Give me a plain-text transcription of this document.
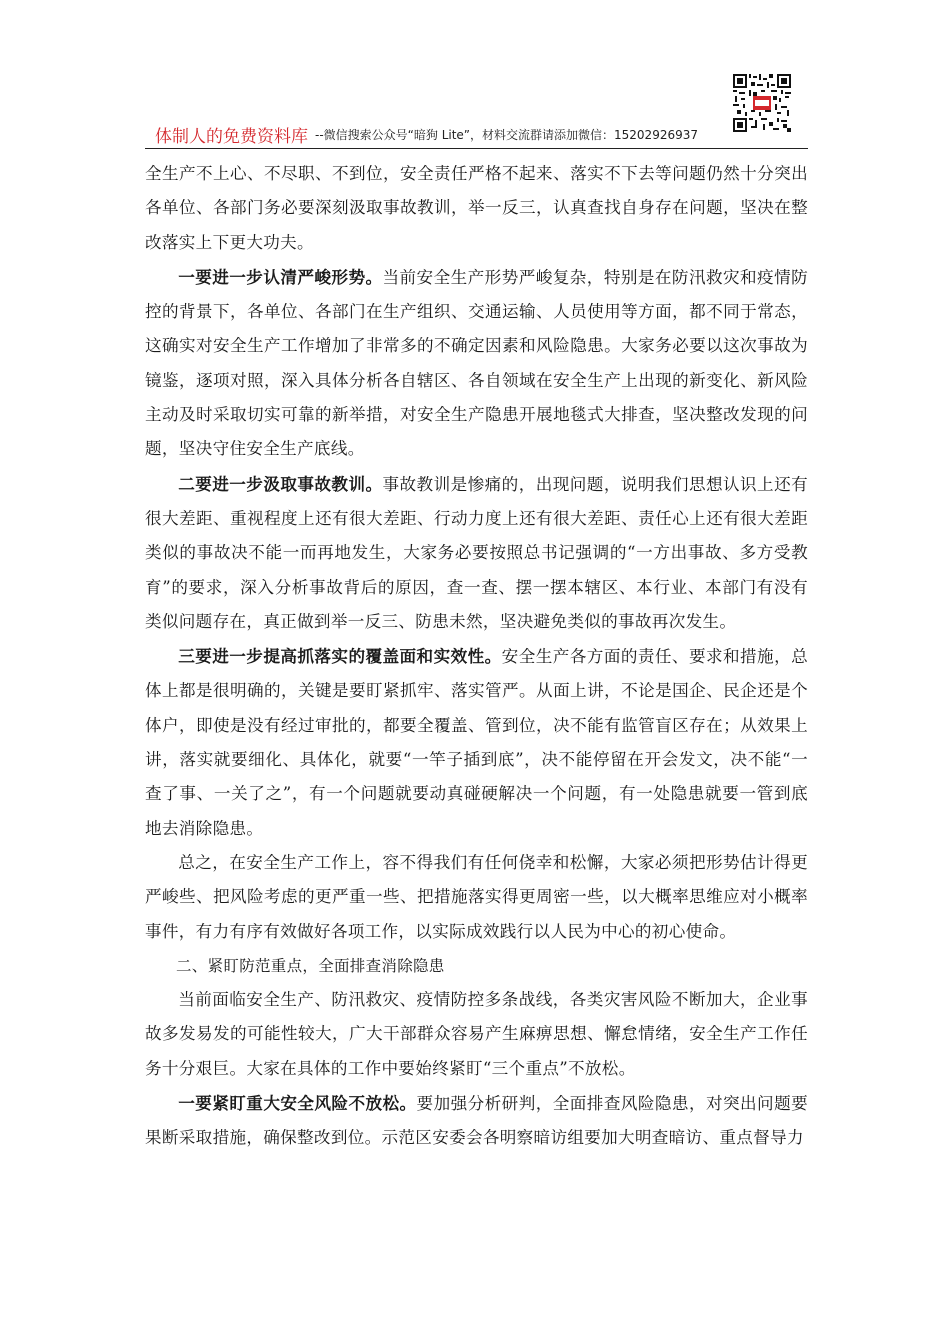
体制人的免费资料库 --微信搜索公众号“暗狗 Lite”，材料交流群请添加微信：15202926937

全生产不上心、不尽职、不到位，安全责任严格不起来、落实不下去等问题仍然十分突出各单位、各部门务必要深刻汲取事故教训，举一反三，认真查找自身存在问题，坚决在整改落实上下更大功夫。

一要进一步认清严峻形势。当前安全生产形势严峻复杂，特别是在防汛救灾和疫情防控的背景下，各单位、各部门在生产组织、交通运输、人员使用等方面，都不同于常态，这确实对安全生产工作增加了非常多的不确定因素和风险隐患。大家务必要以这次事故为镜鉴，逐项对照，深入具体分析各自辖区、各自领域在安全生产上出现的新变化、新风险主动及时采取切实可靠的新举措，对安全生产隐患开展地毯式大排查，坚决整改发现的问题，坚决守住安全生产底线。

二要进一步汲取事故教训。事故教训是惨痛的，出现问题，说明我们思想认识上还有很大差距、重视程度上还有很大差距、行动力度上还有很大差距、责任心上还有很大差距类似的事故决不能一而再地发生，大家务必要按照总书记强调的“一方出事故、多方受教育”的要求，深入分析事故背后的原因，查一查、摆一摆本辖区、本行业、本部门有没有类似问题存在，真正做到举一反三、防患未然，坚决避免类似的事故再次发生。

三要进一步提高抓落实的覆盖面和实效性。安全生产各方面的责任、要求和措施，总体上都是很明确的，关键是要盯紧抓牢、落实管严。从面上讲，不论是国企、民企还是个体户，即使是没有经过审批的，都要全覆盖、管到位，决不能有监管盲区存在；从效果上讲，落实就要细化、具体化，就要“一竿子插到底”，决不能停留在开会发文，决不能“一查了事、一关了之”，有一个问题就要动真碰硬解决一个问题，有一处隐患就要一管到底地去消除隐患。

总之，在安全生产工作上，容不得我们有任何侥幸和松懈，大家必须把形势估计得更严峻些、把风险考虑的更严重一些、把措施落实得更周密一些，以大概率思维应对小概率事件，有力有序有效做好各项工作，以实际成效践行以人民为中心的初心使命。

二、紧盯防范重点，全面排查消除隐患

当前面临安全生产、防汛救灾、疫情防控多条战线，各类灾害风险不断加大，企业事故多发易发的可能性较大，广大干部群众容易产生麻痹思想、懈怠情绪，安全生产工作任务十分艰巨。大家在具体的工作中要始终紧盯“三个重点”不放松。

一要紧盯重大安全风险不放松。要加强分析研判，全面排查风险隐患，对突出问题要果断采取措施，确保整改到位。示范区安委会各明察暗访组要加大明查暗访、重点督导力
